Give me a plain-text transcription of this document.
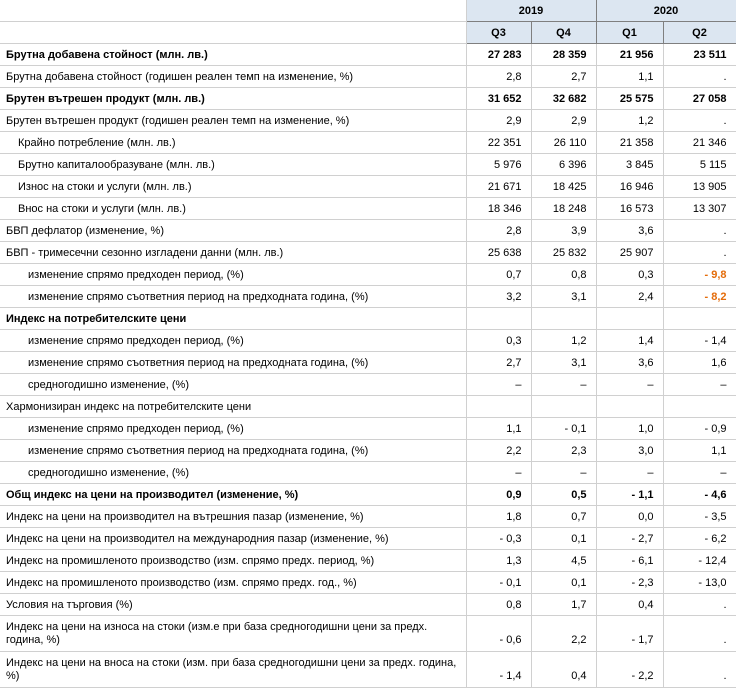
	2019		2020	
	Q3	Q4	Q1	Q2
Брутна добавена стойност (млн. лв.)	27 283	28 359	21 956	23 511
Брутна добавена стойност (годишен реален темп на изменение, %)	2,8	2,7	1,1	.
Брутен вътрешен продукт (млн. лв.)	31 652	32 682	25 575	27 058
Брутен вътрешен продукт (годишен реален темп на изменение, %)	2,9	2,9	1,2	.
Крайно потребление (млн. лв.)	22 351	26 110	21 358	21 346
Брутно капиталообразуване (млн. лв.)	5 976	6 396	3 845	5 115
Износ на стоки и услуги (млн. лв.)	21 671	18 425	16 946	13 905
Внос на стоки и услуги (млн. лв.)	18 346	18 248	16 573	13 307
БВП дефлатор (изменение, %)	2,8	3,9	3,6	.
БВП - тримесечни сезонно изгладени данни (млн. лв.)	25 638	25 832	25 907	.
изменение спрямо предходен период, (%)	0,7	0,8	0,3	- 9,8
изменение спрямо съответния период на предходната година, (%)	3,2	3,1	2,4	- 8,2
Индекс на потребителските цени				
изменение спрямо предходен период, (%)	0,3	1,2	1,4	- 1,4
изменение спрямо съответния период на предходната година, (%)	2,7	3,1	3,6	1,6
средногодишно изменение, (%)	–	–	–	–
Хармонизиран индекс на потребителските цени				
изменение спрямо предходен период, (%)	1,1	- 0,1	1,0	- 0,9
изменение спрямо съответния период на предходната година, (%)	2,2	2,3	3,0	1,1
средногодишно изменение, (%)	–	–	–	–
Общ индекс на цени на производител (изменение, %)	0,9	0,5	- 1,1	- 4,6
Индекс на цени на производител на вътрешния пазар (изменение, %)	1,8	0,7	0,0	- 3,5
Индекс на цени на производител на международния пазар (изменение, %)	- 0,3	0,1	- 2,7	- 6,2
Индекс на промишленото производство (изм. спрямо предх. период, %)	1,3	4,5	- 6,1	- 12,4
Индекс на промишленото производство (изм. спрямо предх. год., %)	- 0,1	0,1	- 2,3	- 13,0
Условия на търговия (%)	0,8	1,7	0,4	.
Индекс на цени на износа на стоки (изм.е при база средногодишни цени за предх. година, %)	- 0,6	2,2	- 1,7	.
Индекс на цени на вноса на стоки (изм. при база средногодишни цени за предх. година, %)	- 1,4	0,4	- 2,2	.
